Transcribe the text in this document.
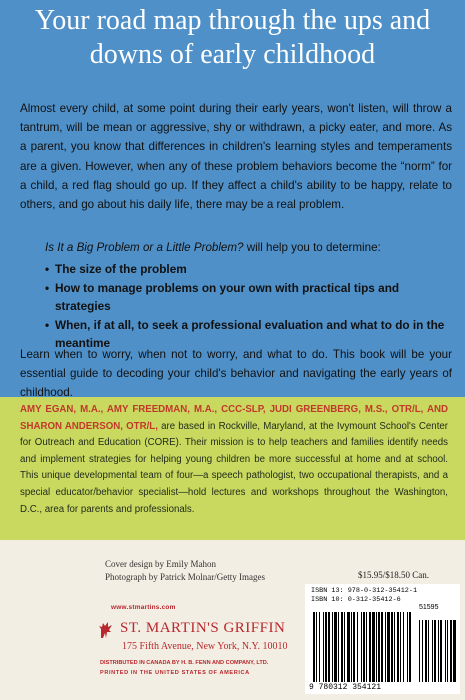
Your road map through the ups and downs of early childhood

Almost every child, at some point during their early years, won't listen, will throw a tantrum, will be mean or aggressive, shy or withdrawn, a picky eater, and more. As a parent, you know that differences in children's learning styles and temperaments are a given. However, when any of these problem behaviors become the “norm” for a child, a red flag should go up. If they affect a child's ability to be happy, relate to others, and go about his daily life, there may be a real problem.

Is It a Big Problem or a Little Problem? will help you to determine:
• The size of the problem
• How to manage problems on your own with practical tips and strategies
• When, if at all, to seek a professional evaluation and what to do in the meantime
Learn when to worry, when not to worry, and what to do. This book will be your essential guide to decoding your child's behavior and navigating the early years of childhood.
AMY EGAN, M.A., AMY FREEDMAN, M.A., CCC-SLP, JUDI GREENBERG, M.S., OTR/L, AND SHARON ANDERSON, OTR/L, are based in Rockville, Maryland, at the Ivymount School's Center for Outreach and Education (CORE). Their mission is to help teachers and families identify needs and implement strategies for helping young children be more successful at home and at school. This unique developmental team of four—a speech pathologist, two occupational therapists, and a special educator/behavior specialist—hold lectures and workshops throughout the Washington, D.C., area for parents and professionals.
Cover design by Emily Mahon
Photograph by Patrick Molnar/Getty Images	$15.95/$18.50 Can.
www.stmartins.com
ST. MARTIN'S GRIFFIN
175 Fifth Avenue, New York, N.Y. 10010
DISTRIBUTED IN CANADA BY H. B. FENN AND COMPANY, LTD.
PRINTED IN THE UNITED STATES OF AMERICA
ISBN 13: 978-0-312-35412-1
ISBN 10: 0-312-35412-6
51595
9 780312 354121
